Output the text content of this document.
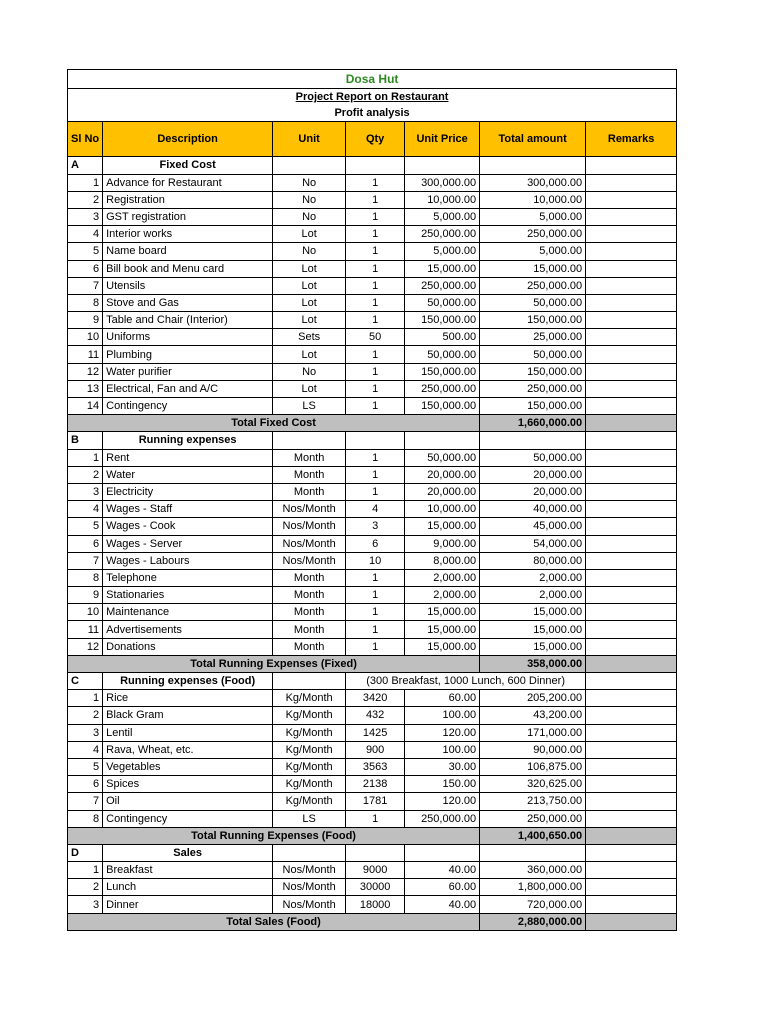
Dosa Hut						
Project Report on Restaurant						
Profit analysis						
Sl No	Description	Unit	Qty	Unit Price	Total amount	Remarks
A	Fixed Cost					
1	Advance for Restaurant	No	1	300,000.00	300,000.00	
2	Registration	No	1	10,000.00	10,000.00	
3	GST registration	No	1	5,000.00	5,000.00	
4	Interior works	Lot	1	250,000.00	250,000.00	
5	Name board	No	1	5,000.00	5,000.00	
6	Bill book and Menu card	Lot	1	15,000.00	15,000.00	
7	Utensils	Lot	1	250,000.00	250,000.00	
8	Stove and Gas	Lot	1	50,000.00	50,000.00	
9	Table and Chair (Interior)	Lot	1	150,000.00	150,000.00	
10	Uniforms	Sets	50	500.00	25,000.00	
11	Plumbing	Lot	1	50,000.00	50,000.00	
12	Water purifier	No	1	150,000.00	150,000.00	
13	Electrical, Fan and A/C	Lot	1	250,000.00	250,000.00	
14	Contingency	LS	1	150,000.00	150,000.00	
Total Fixed Cost					1,660,000.00	
B	Running expenses					
1	Rent	Month	1	50,000.00	50,000.00	
2	Water	Month	1	20,000.00	20,000.00	
3	Electricity	Month	1	20,000.00	20,000.00	
4	Wages - Staff	Nos/Month	4	10,000.00	40,000.00	
5	Wages - Cook	Nos/Month	3	15,000.00	45,000.00	
6	Wages - Server	Nos/Month	6	9,000.00	54,000.00	
7	Wages - Labours	Nos/Month	10	8,000.00	80,000.00	
8	Telephone	Month	1	2,000.00	2,000.00	
9	Stationaries	Month	1	2,000.00	2,000.00	
10	Maintenance	Month	1	15,000.00	15,000.00	
11	Advertisements	Month	1	15,000.00	15,000.00	
12	Donations	Month	1	15,000.00	15,000.00	
Total Running Expenses (Fixed)					358,000.00	
C	Running expenses (Food)		(300 Breakfast, 1000 Lunch, 600 Dinner)			
1	Rice	Kg/Month	3420	60.00	205,200.00	
2	Black Gram	Kg/Month	432	100.00	43,200.00	
3	Lentil	Kg/Month	1425	120.00	171,000.00	
4	Rava, Wheat, etc.	Kg/Month	900	100.00	90,000.00	
5	Vegetables	Kg/Month	3563	30.00	106,875.00	
6	Spices	Kg/Month	2138	150.00	320,625.00	
7	Oil	Kg/Month	1781	120.00	213,750.00	
8	Contingency	LS	1	250,000.00	250,000.00	
Total Running Expenses (Food)					1,400,650.00	
D	Sales					
1	Breakfast	Nos/Month	9000	40.00	360,000.00	
2	Lunch	Nos/Month	30000	60.00	1,800,000.00	
3	Dinner	Nos/Month	18000	40.00	720,000.00	
Total Sales (Food)					2,880,000.00	
